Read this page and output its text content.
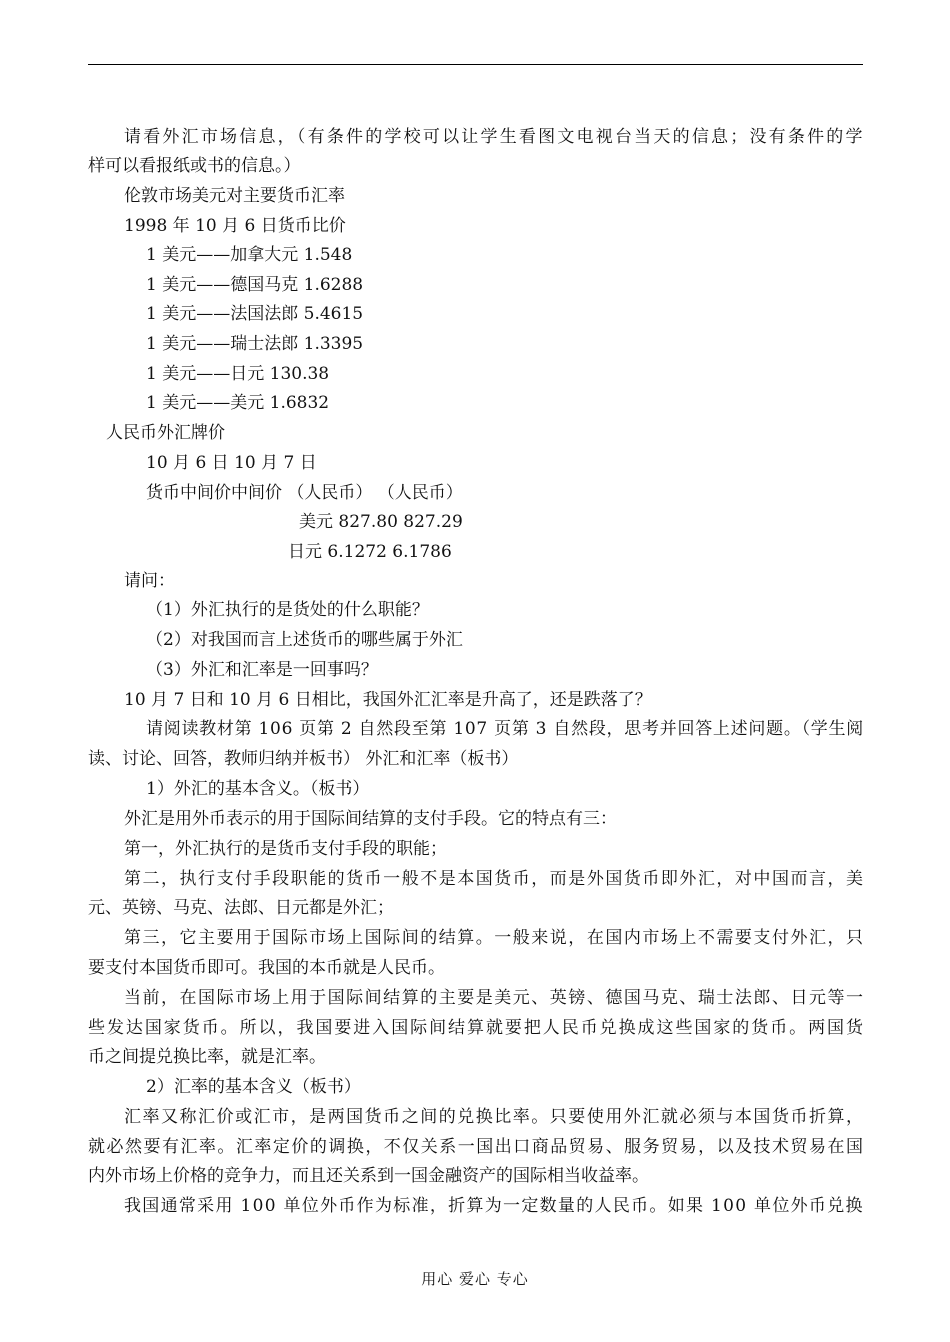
请看外汇市场信息，（有条件的学校可以让学生看图文电视台当天的信息；没有条件的学
样可以看报纸或书的信息。）
伦敦市场美元对主要货币汇率
1998 年 10 月 6 日货币比价
1 美元——加拿大元 1.548
1 美元——德国马克 1.6288
1 美元——法国法郎 5.4615
1 美元——瑞士法郎 1.3395
1 美元——日元 130.38
1 美元——美元 1.6832
人民币外汇牌价
10 月 6 日 10 月 7 日
货币中间价中间价 （人民币） （人民币）
美元 827.80 827.29
日元 6.1272 6.1786
请问：
（1）外汇执行的是货处的什么职能？
（2）对我国而言上述货币的哪些属于外汇
（3）外汇和汇率是一回事吗？
10 月 7 日和 10 月 6 日相比，我国外汇汇率是升高了，还是跌落了？
请阅读教材第 106 页第 2 自然段至第 107 页第 3 自然段，思考并回答上述问题。（学生阅
读、讨论、回答，教师归纳并板书） 外汇和汇率（板书）
1）外汇的基本含义。（板书）
外汇是用外币表示的用于国际间结算的支付手段。它的特点有三：
第一，外汇执行的是货币支付手段的职能；
第二，执行支付手段职能的货币一般不是本国货币，而是外国货币即外汇，对中国而言，美
元、英镑、马克、法郎、日元都是外汇；
第三，它主要用于国际市场上国际间的结算。一般来说，在国内市场上不需要支付外汇，只
要支付本国货币即可。我国的本币就是人民币。
当前，在国际市场上用于国际间结算的主要是美元、英镑、德国马克、瑞士法郎、日元等一
些发达国家货币。所以，我国要进入国际间结算就要把人民币兑换成这些国家的货币。两国货
币之间提兑换比率，就是汇率。
2）汇率的基本含义（板书）
汇率又称汇价或汇市，是两国货币之间的兑换比率。只要使用外汇就必须与本国货币折算，
就必然要有汇率。汇率定价的调换，不仅关系一国出口商品贸易、服务贸易，以及技术贸易在国
内外市场上价格的竞争力，而且还关系到一国金融资产的国际相当收益率。
我国通常采用 100 单位外币作为标准，折算为一定数量的人民币。如果 100 单位外币兑换
用心 爱心 专心
